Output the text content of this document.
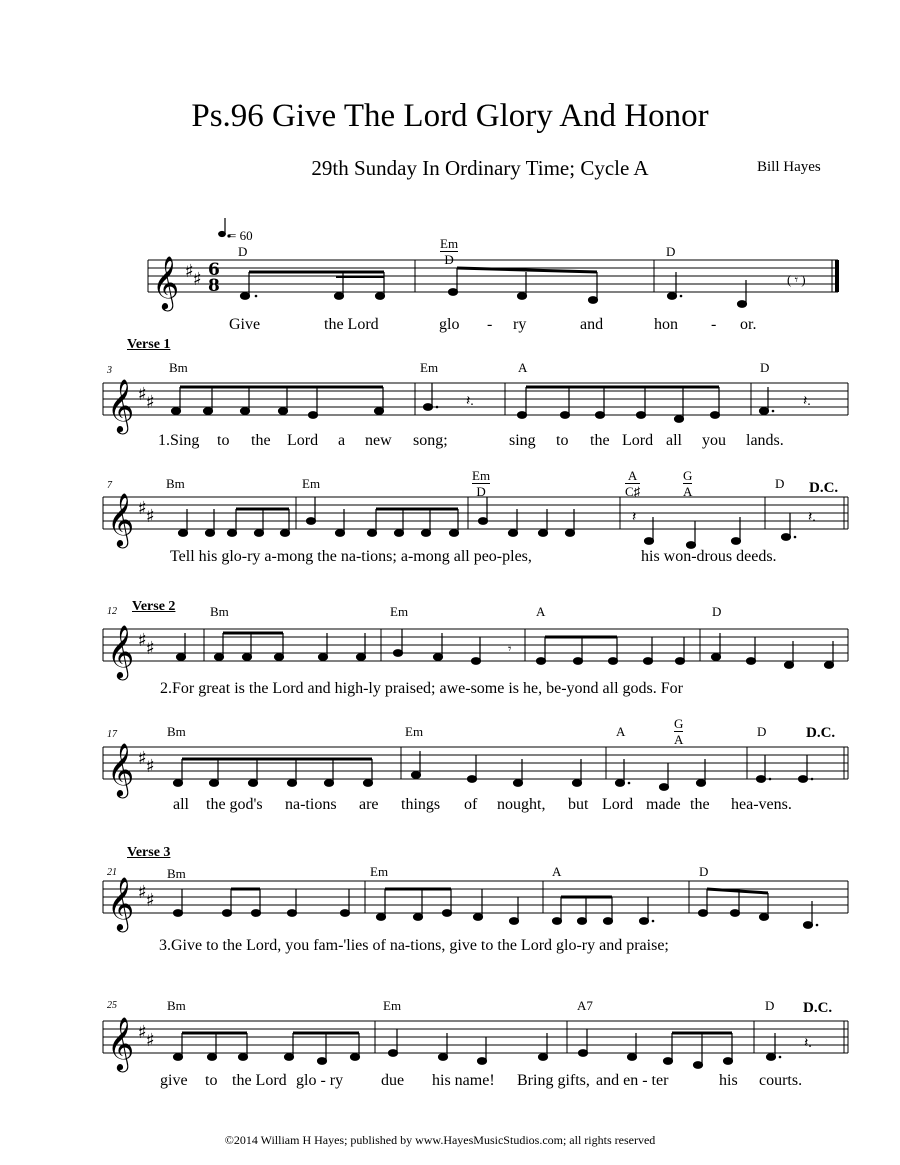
Ps.96 Give The Lord Glory And Honor
29th Sunday In Ordinary Time; Cycle A	Bill Hayes
𝄞 ♯ ♯ 6
8	( 𝄾 )
= 60
D
Em
D
D
Give	the Lord	glo - ry	and	hon - or.
𝄞 ♯ ♯	𝄽.	𝄽.
Verse 1
3	Bm	Em	A	D
1.Sing to the Lord a new song;	sing to the Lord all you lands.
𝄞 ♯ ♯	𝄽	𝄽.
7	Bm	Em
Em
D
A
C♯
G
A
D D.C.
Tell his glo-ry a-mong the na-tions; a-mong all peo-ples,	his won-drous deeds.
𝄞 ♯ ♯	𝄾
12 Verse 2	Bm	Em	A	D
2.For great is the Lord and high-ly praised; awe-some is he, be-yond all gods. For
𝄞 ♯ ♯
17	Bm	Em	A
G
A
D	D.C.
all the god's na-tions are things of nought, but Lord made the hea-vens.
𝄞 ♯ ♯
Verse 3
21	Bm	Em	A	D
3.Give to the Lord, you fam-'lies of na-tions, give to the Lord glo-ry and praise;
𝄞 ♯ ♯	𝄽.
25	Bm	Em	A7	D D.C.
give to the Lord glo - ry due his name! Bring gifts, and en - ter	his courts.
©2014 William H Hayes; published by www.HayesMusicStudios.com; all rights reserved
